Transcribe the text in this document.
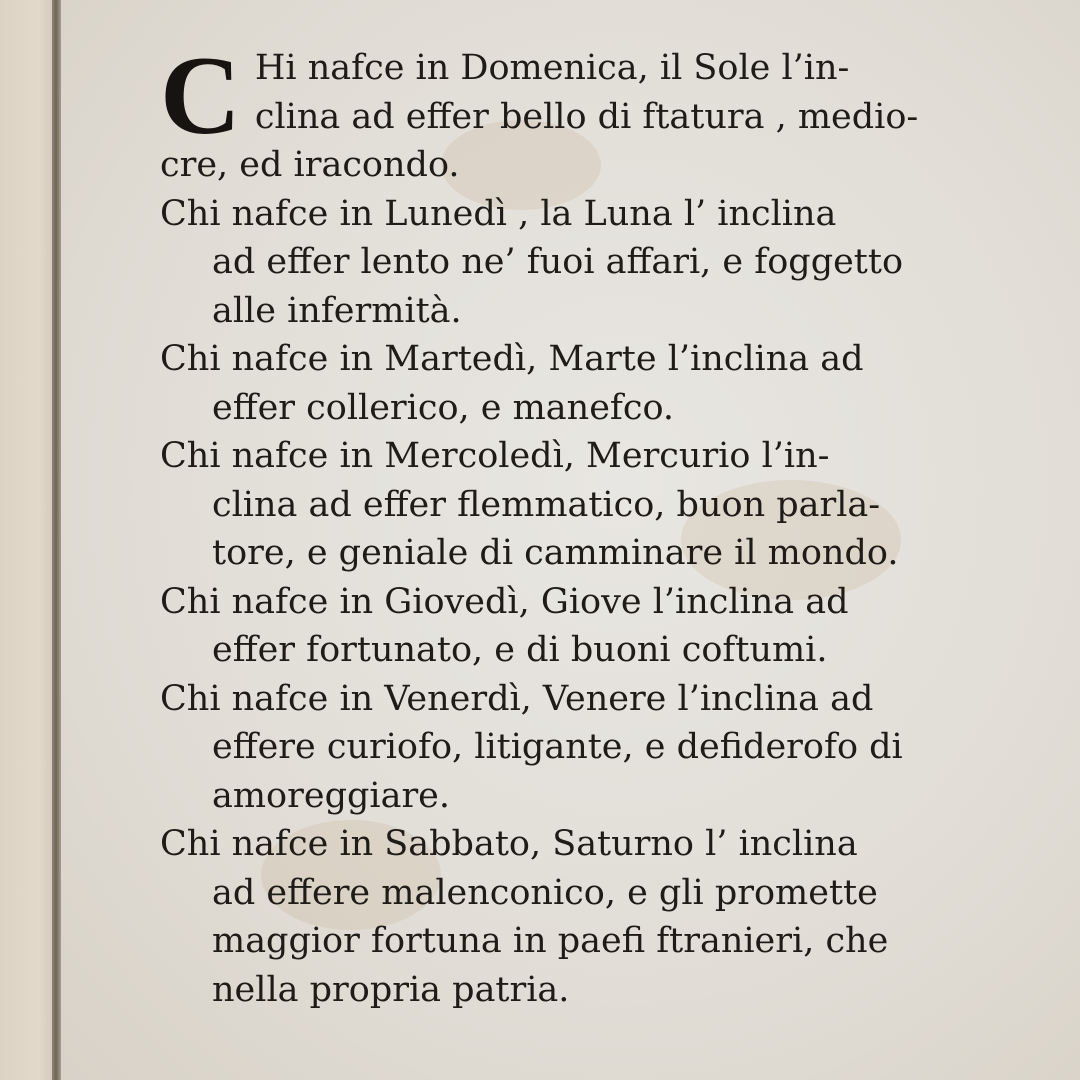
C Hi nafce in Domenica, il Sole l’in-
clina ad effer bello di ftatura , medio-
cre, ed iracondo.
Chi nafce in Lunedì , la Luna l’ inclina
ad effer lento ne’ fuoi affari, e foggetto
alle infermità.
Chi nafce in Martedì, Marte l’inclina ad
effer collerico, e manefco.
Chi nafce in Mercoledì, Mercurio l’in-
clina ad effer flemmatico, buon parla-
tore, e geniale di camminare il mondo.
Chi nafce in Giovedì, Giove l’inclina ad
effer fortunato, e di buoni coftumi.
Chi nafce in Venerdì, Venere l’inclina ad
effere curiofo, litigante, e defiderofo di
amoreggiare.
Chi nafce in Sabbato, Saturno l’ inclina
ad effere malenconico, e gli promette
maggior fortuna in paefi ftranieri, che
nella propria patria.
